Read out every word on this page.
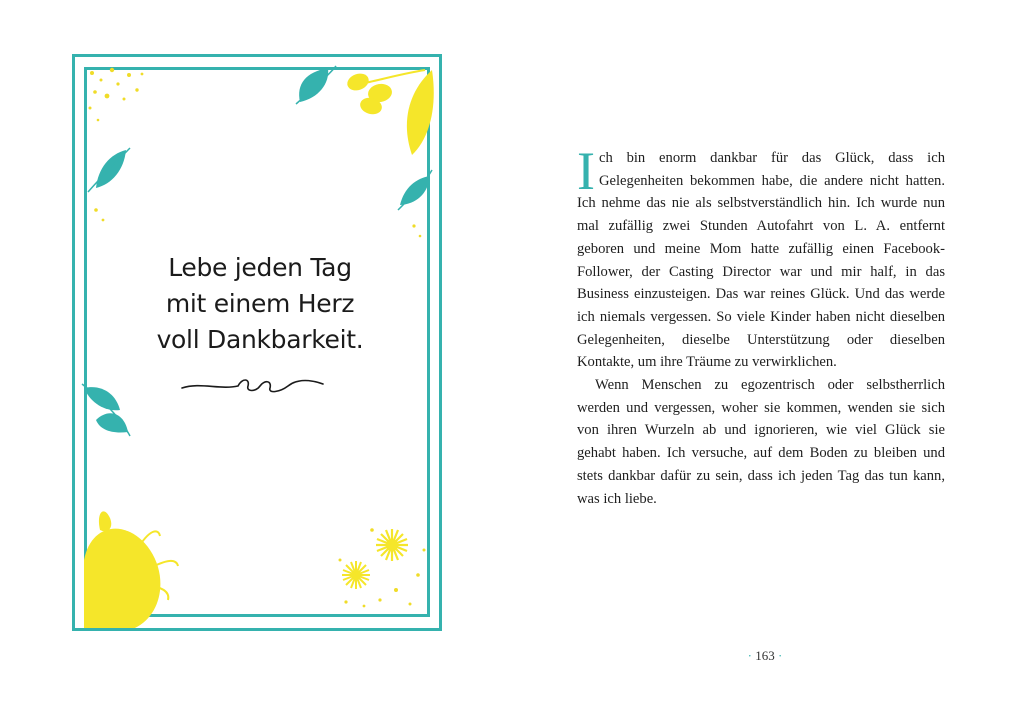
Lebe jeden Tag
mit einem Herz
voll Dankbarkeit.

Ich bin enorm dankbar für das Glück, dass ich Gelegenheiten bekommen habe, die andere nicht hatten. Ich nehme das nie als selbstverständlich hin. Ich wurde nun mal zufällig zwei Stunden Autofahrt von L. A. entfernt geboren und meine Mom hatte zufällig einen Facebook-Follower, der Casting Director war und mir half, in das Business einzusteigen. Das war reines Glück. Und das werde ich niemals vergessen. So viele Kinder haben nicht dieselben Gelegenheiten, dieselbe Unterstützung oder dieselben Kontakte, um ihre Träume zu verwirklichen.

Wenn Menschen zu egozentrisch oder selbstherrlich werden und vergessen, woher sie kommen, wenden sie sich von ihren Wurzeln ab und ignorieren, wie viel Glück sie gehabt haben. Ich versuche, auf dem Boden zu bleiben und stets dankbar dafür zu sein, dass ich jeden Tag das tun kann, was ich liebe.

· 163 ·
